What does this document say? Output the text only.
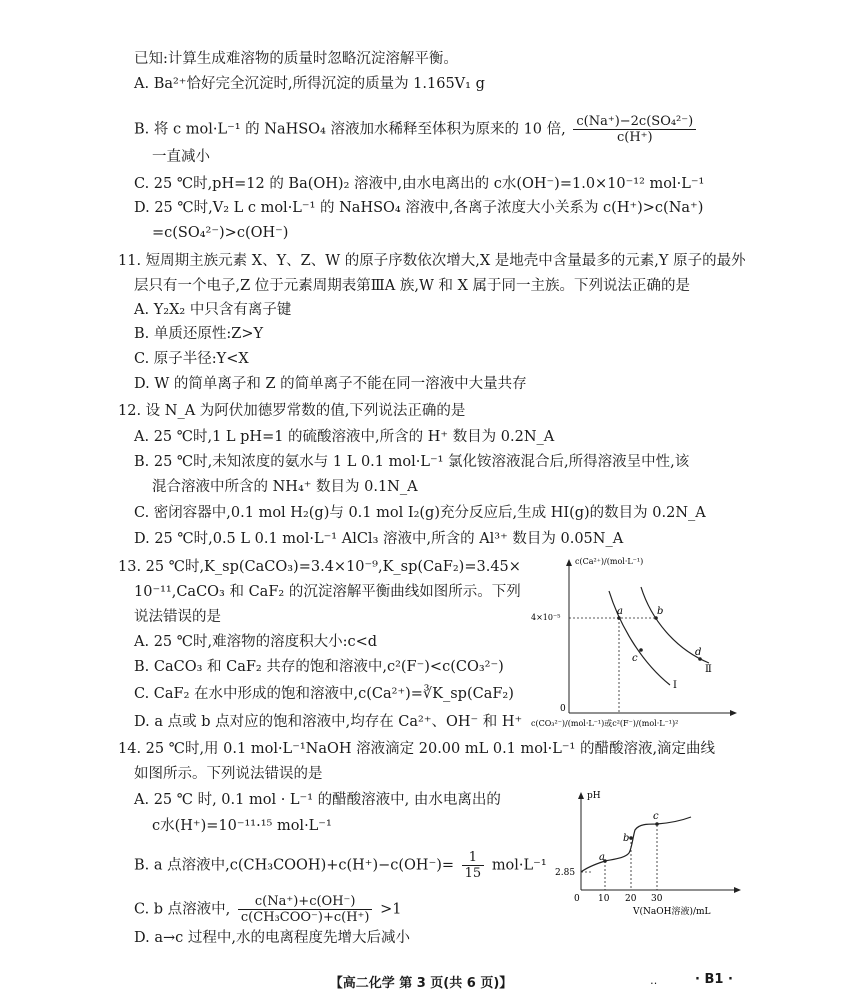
已知:计算生成难溶物的质量时忽略沉淀溶解平衡。
A. Ba²⁺恰好完全沉淀时,所得沉淀的质量为 1.165V₁ g
B. 将 c mol·L⁻¹ 的 NaHSO₄ 溶液加水稀释至体积为原来的 10 倍, $\frac{\text{c(Na⁺)−2c(SO₄²⁻)}}{c(H^+)}$
一直减小
C. 25 ℃时,pH=12 的 Ba(OH)₂ 溶液中,由水电离出的 c水(OH⁻)=1.0×10⁻¹² mol·L⁻¹
D. 25 ℃时,V₂ L c mol·L⁻¹ 的 NaHSO₄ 溶液中,各离子浓度大小关系为 c(H⁺)>c(Na⁺)
=c(SO₄²⁻)>c(OH⁻)
11. 短周期主族元素 X、Y、Z、W 的原子序数依次增大,X 是地壳中含量最多的元素,Y 原子的最外
层只有一个电子,Z 位于元素周期表第ⅢA 族,W 和 X 属于同一主族。下列说法正确的是
A. Y₂X₂ 中只含有离子键
B. 单质还原性:Z>Y
C. 原子半径:Y<X
D. W 的简单离子和 Z 的简单离子不能在同一溶液中大量共存
12. 设 N_A 为阿伏加德罗常数的值,下列说法正确的是
A. 25 ℃时,1 L pH=1 的硫酸溶液中,所含的 H⁺ 数目为 0.2N_A
B. 25 ℃时,未知浓度的氨水与 1 L 0.1 mol·L⁻¹ 氯化铵溶液混合后,所得溶液呈中性,该
混合溶液中所含的 NH₄⁺ 数目为 0.1N_A
C. 密闭容器中,0.1 mol H₂(g)与 0.1 mol I₂(g)充分反应后,生成 HI(g)的数目为 0.2N_A
D. 25 ℃时,0.5 L 0.1 mol·L⁻¹ AlCl₃ 溶液中,所含的 Al³⁺ 数目为 0.05N_A
13. 25 ℃时,K_sp(CaCO₃)=3.4×10⁻⁹,K_sp(CaF₂)=3.45×
10⁻¹¹,CaCO₃ 和 CaF₂ 的沉淀溶解平衡曲线如图所示。下列
说法错误的是
A. 25 ℃时,难溶物的溶度积大小:c<d
B. CaCO₃ 和 CaF₂ 共存的饱和溶液中,c²(F⁻)<c(CO₃²⁻)
C. CaF₂ 在水中形成的饱和溶液中,c(Ca²⁺)=∛K_sp(CaF₂)
D. a 点或 b 点对应的饱和溶液中,均存在 Ca²⁺、OH⁻ 和 H⁺
14. 25 ℃时,用 0.1 mol·L⁻¹NaOH 溶液滴定 20.00 mL 0.1 mol·L⁻¹ 的醋酸溶液,滴定曲线
如图所示。下列说法错误的是
A. 25 ℃ 时, 0.1 mol · L⁻¹ 的醋酸溶液中, 由水电离出的
c水(H⁺)=10⁻¹¹·¹⁵ mol·L⁻¹
B. a 点溶液中,c(CH₃COOH)+c(H⁺)−c(OH⁻)= $\frac{1}{15} mol\cdot L^{-1}$
C. b 点溶液中, $\frac{c(Na^+)+c(OH^-)}{\text{c(CH₃COO⁻)+c(H⁺)}} >1$
D. a→c 过程中,水的电离程度先增大后减小
c(Ca²⁺)/(mol·L⁻¹)
c(CO₃²⁻)/(mol·L⁻¹)或c²(F⁻)/(mol·L⁻¹)²
0
4×10⁻⁵
a	b
c
d
Ⅰ
Ⅱ
pH
0
2.85
10 20 30
V(NaOH溶液)/mL
a
b
c
【高二化学 第 3 页(共 6 页)】	‥	· B1 ·
